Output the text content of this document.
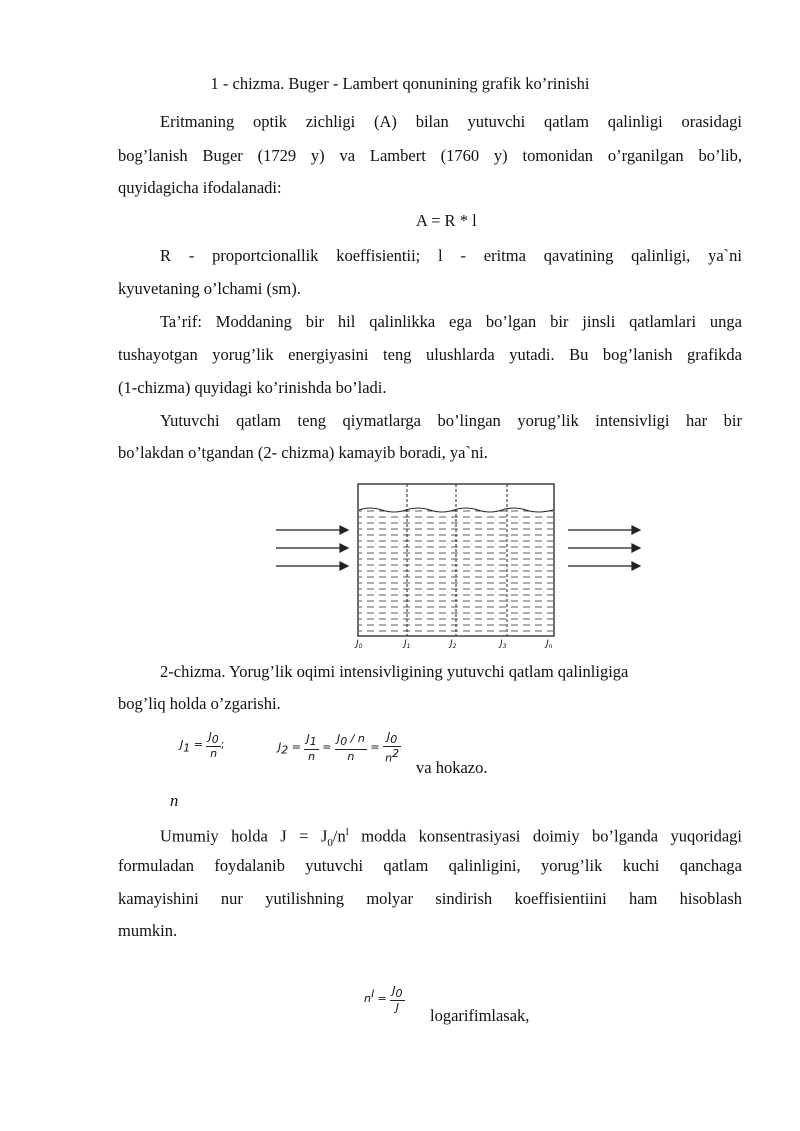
1 - chizma. Buger - Lambert qonunining grafik ko’rinishi
Eritmaning optik zichligi (A) bilan yutuvchi qatlam qalinligi orasidagi
bog’lanish Buger (1729 y) va Lambert (1760 y) tomonidan o’rganilgan bo’lib,
quyidagicha ifodalanadi:
A = R * l
R - proportcionallik koeffisientii; l - eritma qavatining qalinligi, ya`ni
kyuvetaning o’lchami (sm).
Ta’rif: Moddaning bir hil qalinlikka ega bo’lgan bir jinsli qatlamlari unga
tushayotgan yorug’lik energiyasini teng ulushlarda yutadi. Bu bog’lanish grafikda
(1-chizma) quyidagi ko’rinishda bo’ladi.
Yutuvchi qatlam teng qiymatlarga bo’lingan yorug’lik intensivligi har bir
bo’lakdan o’tgandan (2- chizma) kamayib boradi, ya`ni.
$J_0$	$J_1$	$J_2$	$J_3$	$J_n$
2-chizma. Yorug’lik oqimi intensivligining yutuvchi qatlam qalinligiga
bog’liq holda o’zgarishi.
$J_1 = \frac{J_0}{n}$ ;	$J_2 = \frac{J_1}{n} = \frac{J_0 / n}{n} = \frac{J_0}{n^2}$
va hokazo.
n
Umumiy holda $J = J_0/n^l$ modda konsentrasiyasi doimiy bo’lganda yuqoridagi
formuladan foydalanib yutuvchi qatlam qalinligini, yorug’lik kuchi qanchaga
kamayishini nur yutilishning molyar sindirish koeffisientiini ham hisoblash
mumkin.
$n^l = \frac{J_0}{J}$
logarifimlasak,
